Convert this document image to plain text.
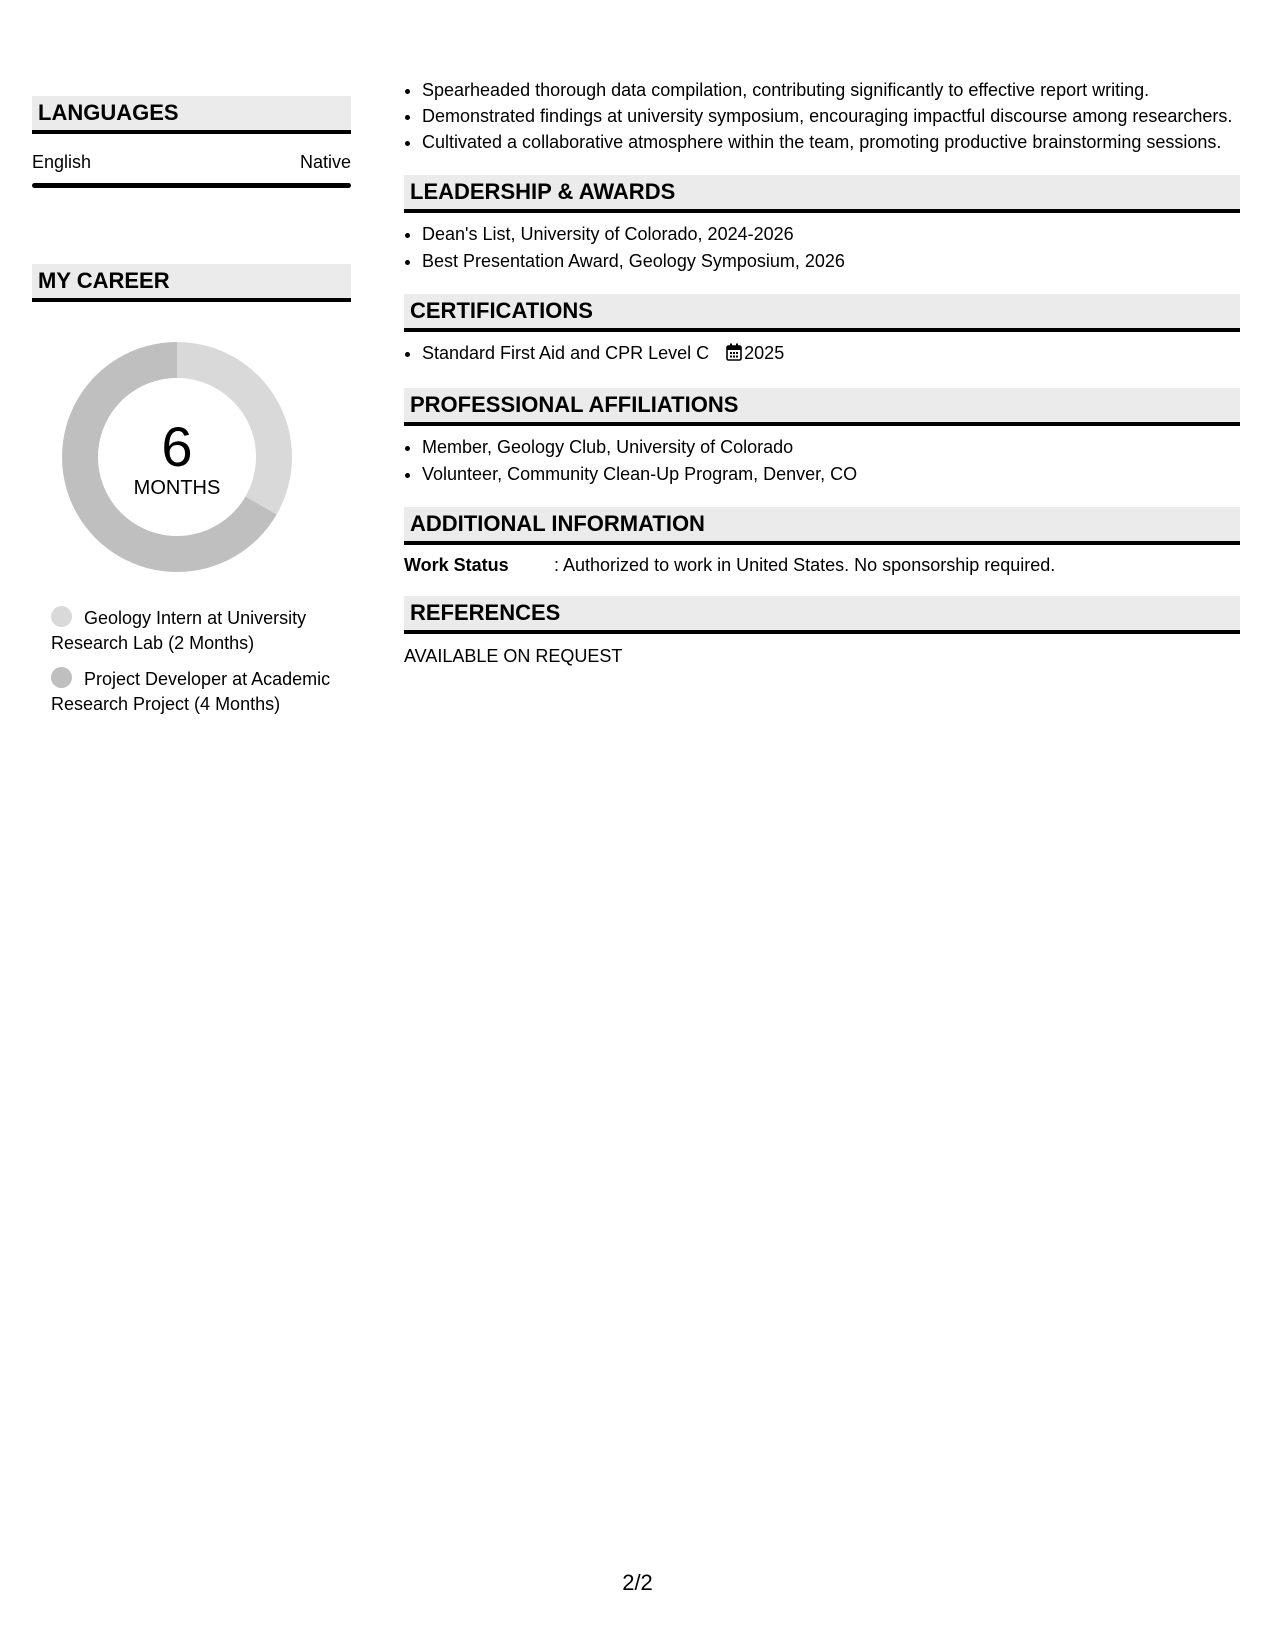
LANGUAGES
English	Native
MY CAREER
6
MONTHS
Geology Intern at University Research Lab (2 Months)
Project Developer at Academic Research Project (4 Months)
• Spearheaded thorough data compilation, contributing significantly to effective report writing.
• Demonstrated findings at university symposium, encouraging impactful discourse among researchers.
• Cultivated a collaborative atmosphere within the team, promoting productive brainstorming sessions.
LEADERSHIP & AWARDS
• Dean's List, University of Colorado, 2024-2026
• Best Presentation Award, Geology Symposium, 2026
CERTIFICATIONS
• Standard First Aid and CPR Level C 2025
PROFESSIONAL AFFILIATIONS
• Member, Geology Club, University of Colorado
• Volunteer, Community Clean-Up Program, Denver, CO
ADDITIONAL INFORMATION
Work Status	: Authorized to work in United States. No sponsorship required.
REFERENCES
AVAILABLE ON REQUEST
2/2
